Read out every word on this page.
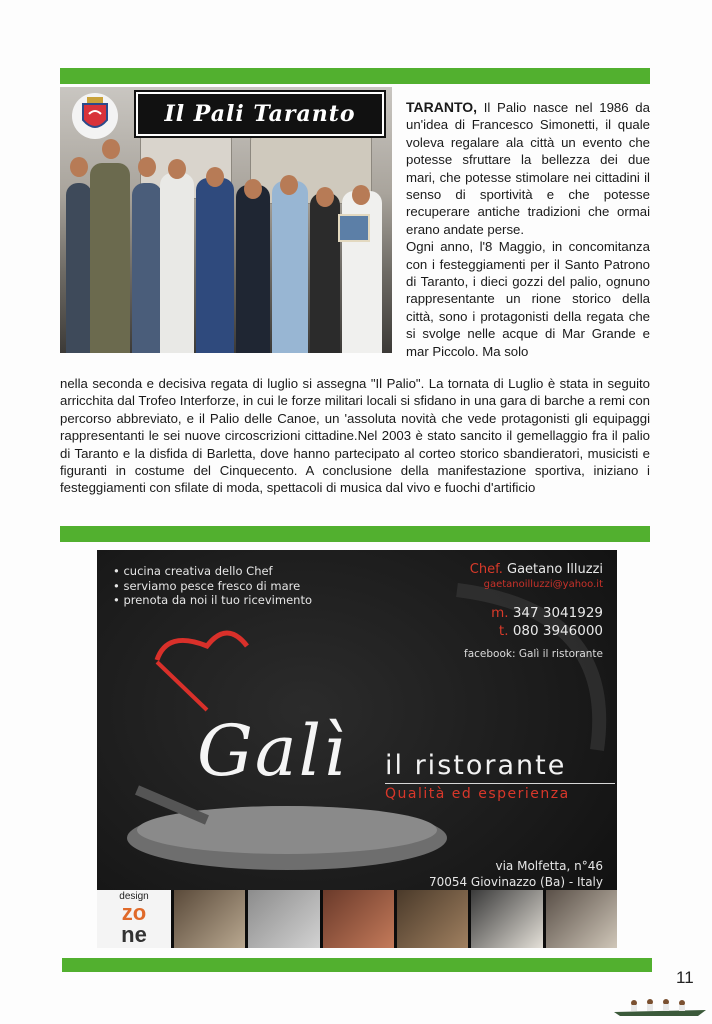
Il Pali Taranto	TARANTO, Il Palio nasce nel 1986 da un'idea di Francesco Simonetti, il quale voleva regalare ala città un evento che potesse sfruttare la bellezza dei due mari, che potesse stimolare nei cittadini il senso di sportività e che potesse recuperare antiche tradizioni che ormai erano andate perse.
Ogni anno, l'8 Maggio, in concomitanza con i festeggiamenti per il Santo Patrono di Taranto, i dieci gozzi del palio, ognuno rappresentante un rione storico della città, sono i protagonisti della regata che si svolge nelle acque di Mar Grande e mar Piccolo. Ma solo

nella seconda e decisiva regata di luglio si assegna "Il Palio". La tornata di Luglio è stata in seguito arricchita dal Trofeo Interforze, in cui le forze militari locali si sfidano in una gara di barche a remi con percorso abbreviato, e il Palio delle Canoe, un 'assoluta novità che vede protagonisti gli equipaggi rappresentanti le sei nuove circoscrizioni cittadine.Nel 2003 è stato sancito il gemellaggio fra il palio di Taranto e la disfida di Barletta, dove hanno partecipato al corteo storico sbandieratori, musicisti e figuranti in costume del Cinquecento. A conclusione della manifestazione sportiva, iniziano i festeggiamenti con sfilate di moda, spettacoli di musica dal vivo e fuochi d'artificio

• cucina creativa dello Chef
• serviamo pesce fresco di mare
• prenota da noi il tuo ricevimento
Chef. Gaetano Illuzzi
gaetanoilluzzi@yahoo.it
m. 347 3041929
t. 080 3946000
facebook: Galì il ristorante
Galì il ristorante
Qualità ed esperienza
via Molfetta, n°46
70054 Giovinazzo (Ba) - Italy
design
zo
ne
11
